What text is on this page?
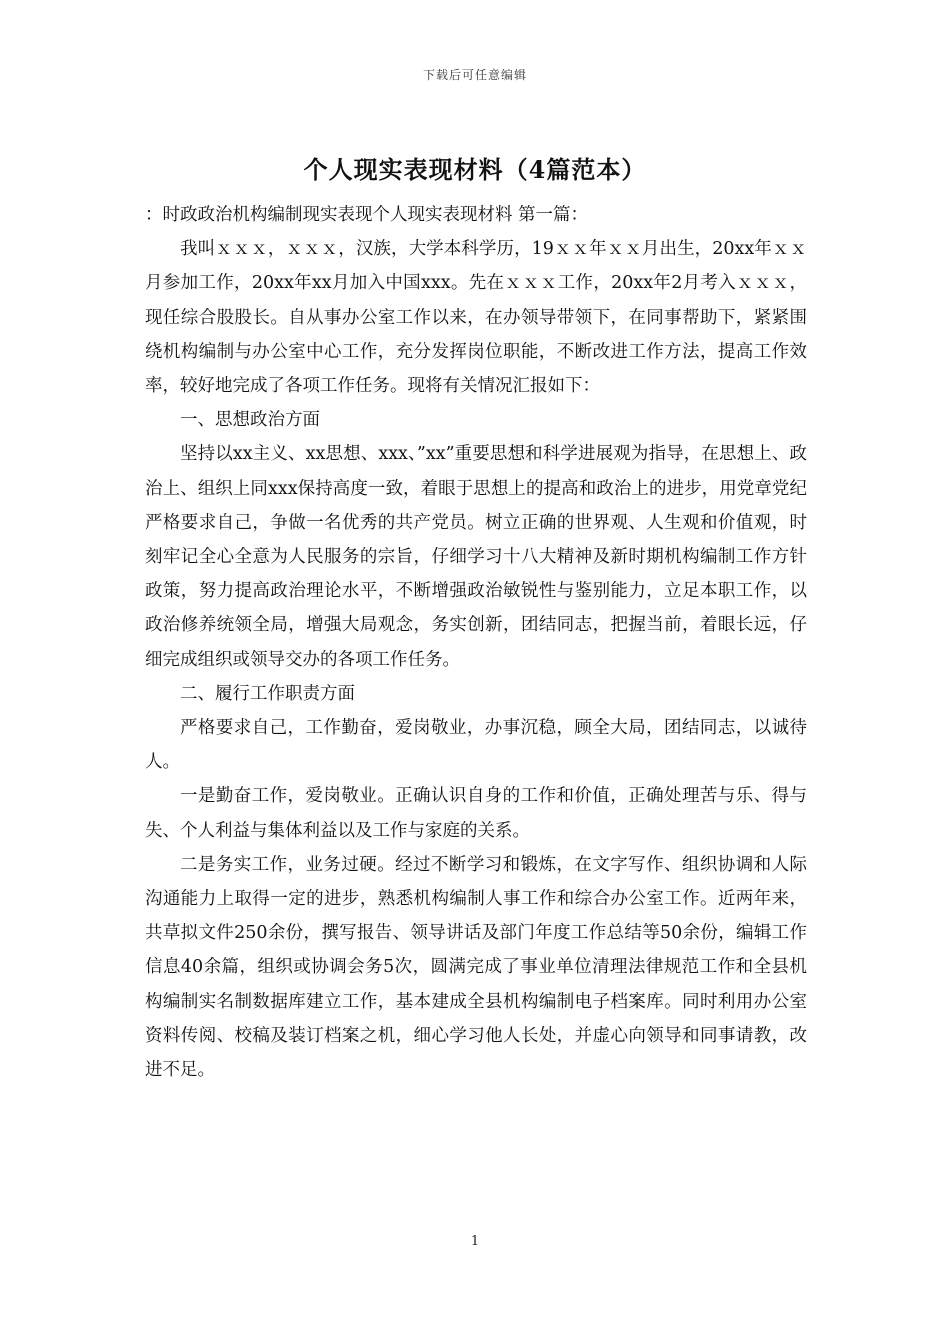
下载后可任意编辑
个人现实表现材料（4篇范本）

：时政政治机构编制现实表现个人现实表现材料 第一篇：

我叫ｘｘｘ，ｘｘｘ，汉族，大学本科学历，19ｘｘ年ｘｘ月出生，20xx年ｘｘ月参加工作，20xx年xx月加入中国xxx。先在ｘｘｘ工作，20xx年2月考入ｘｘｘ，现任综合股股长。自从事办公室工作以来，在办领导带领下，在同事帮助下，紧紧围绕机构编制与办公室中心工作，充分发挥岗位职能，不断改进工作方法，提高工作效率，较好地完成了各项工作任务。现将有关情况汇报如下：

一、思想政治方面

坚持以xx主义、xx思想、xxx、”xx”重要思想和科学进展观为指导，在思想上、政治上、组织上同xxx保持高度一致，着眼于思想上的提高和政治上的进步，用党章党纪严格要求自己，争做一名优秀的共产党员。树立正确的世界观、人生观和价值观，时刻牢记全心全意为人民服务的宗旨，仔细学习十八大精神及新时期机构编制工作方针政策，努力提高政治理论水平，不断增强政治敏锐性与鉴别能力，立足本职工作，以政治修养统领全局，增强大局观念，务实创新，团结同志，把握当前，着眼长远，仔细完成组织或领导交办的各项工作任务。

二、履行工作职责方面

严格要求自己，工作勤奋，爱岗敬业，办事沉稳，顾全大局，团结同志，以诚待人。

一是勤奋工作，爱岗敬业。正确认识自身的工作和价值，正确处理苦与乐、得与失、个人利益与集体利益以及工作与家庭的关系。

二是务实工作，业务过硬。经过不断学习和锻炼，在文字写作、组织协调和人际沟通能力上取得一定的进步，熟悉机构编制人事工作和综合办公室工作。近两年来，共草拟文件250余份，撰写报告、领导讲话及部门年度工作总结等50余份，编辑工作信息40余篇，组织或协调会务5次，圆满完成了事业单位清理法律规范工作和全县机构编制实名制数据库建立工作，基本建成全县机构编制电子档案库。同时利用办公室资料传阅、校稿及装订档案之机，细心学习他人长处，并虚心向领导和同事请教，改进不足。

1
